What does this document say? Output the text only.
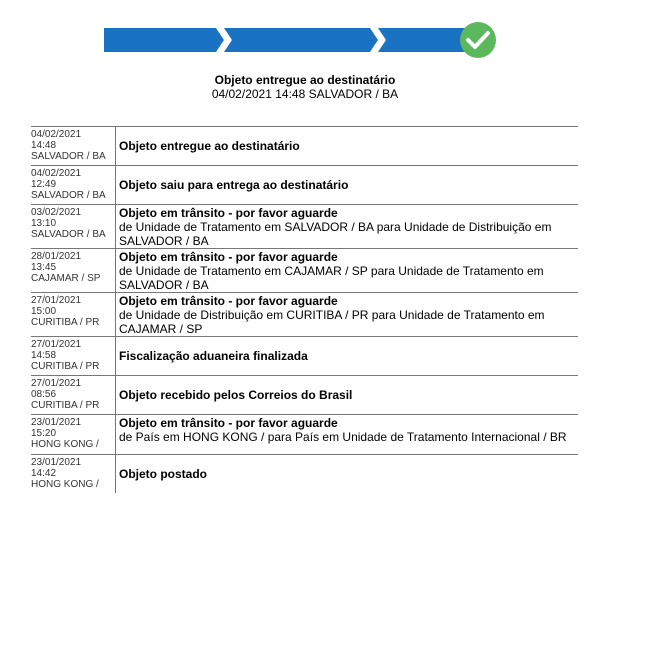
Objeto entregue ao destinatário
04/02/2021 14:48 SALVADOR / BA
04/02/2021
14:48
SALVADOR / BA	Objeto entregue ao destinatário

04/02/2021
12:49
SALVADOR / BA	Objeto saiu para entrega ao destinatário

03/02/2021
13:10
SALVADOR / BA	Objeto em trânsito - por favor aguarde
de Unidade de Tratamento em SALVADOR / BA para Unidade de Distribuição em SALVADOR / BA

28/01/2021
13:45
CAJAMAR / SP	Objeto em trânsito - por favor aguarde
de Unidade de Tratamento em CAJAMAR / SP para Unidade de Tratamento em SALVADOR / BA

27/01/2021
15:00
CURITIBA / PR	Objeto em trânsito - por favor aguarde
de Unidade de Distribuição em CURITIBA / PR para Unidade de Tratamento em CAJAMAR / SP

27/01/2021
14:58
CURITIBA / PR	Fiscalização aduaneira finalizada

27/01/2021
08:56
CURITIBA / PR	Objeto recebido pelos Correios do Brasil

23/01/2021
15:20
HONG KONG /	Objeto em trânsito - por favor aguarde
de País em HONG KONG / para País em Unidade de Tratamento Internacional / BR

23/01/2021
14:42
HONG KONG /	Objeto postado
